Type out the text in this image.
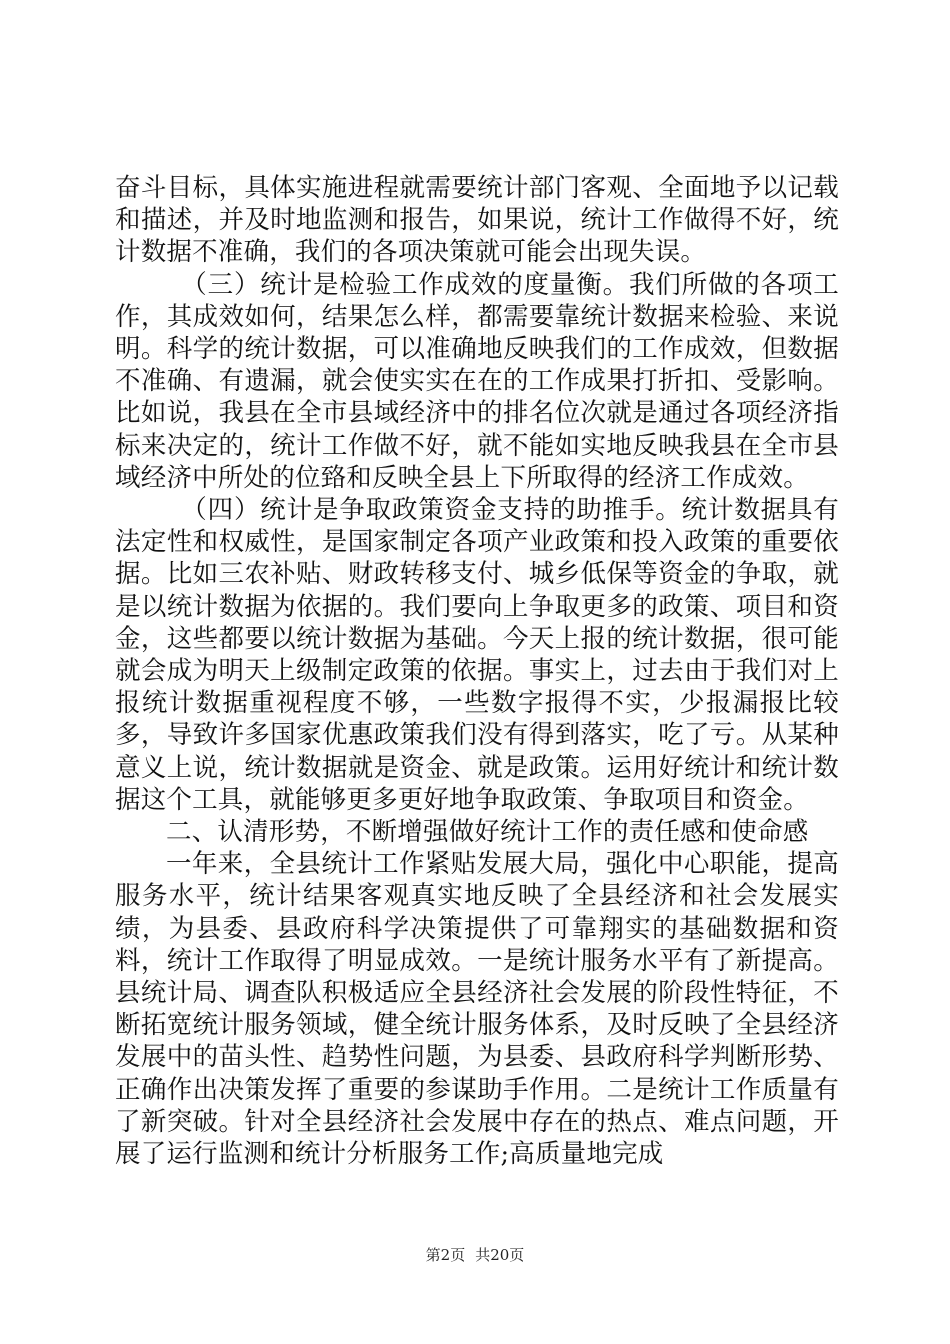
奋斗目标，具体实施进程就需要统计部门客观、全面地予以记载和描述，并及时地监测和报告，如果说，统计工作做得不好，统计数据不准确，我们的各项决策就可能会出现失误。

（三）统计是检验工作成效的度量衡。我们所做的各项工作，其成效如何，结果怎么样，都需要靠统计数据来检验、来说明。科学的统计数据，可以准确地反映我们的工作成效，但数据不准确、有遗漏，就会使实实在在的工作成果打折扣、受影响。比如说，我县在全市县域经济中的排名位次就是通过各项经济指标来决定的，统计工作做不好，就不能如实地反映我县在全市县域经济中所处的位臵和反映全县上下所取得的经济工作成效。

（四）统计是争取政策资金支持的助推手。统计数据具有法定性和权威性，是国家制定各项产业政策和投入政策的重要依据。比如三农补贴、财政转移支付、城乡低保等资金的争取，就是以统计数据为依据的。我们要向上争取更多的政策、项目和资金，这些都要以统计数据为基础。今天上报的统计数据，很可能就会成为明天上级制定政策的依据。事实上，过去由于我们对上报统计数据重视程度不够，一些数字报得不实，少报漏报比较多，导致许多国家优惠政策我们没有得到落实，吃了亏。从某种意义上说，统计数据就是资金、就是政策。运用好统计和统计数据这个工具，就能够更多更好地争取政策、争取项目和资金。

二、认清形势，不断增强做好统计工作的责任感和使命感

一年来，全县统计工作紧贴发展大局，强化中心职能，提高服务水平，统计结果客观真实地反映了全县经济和社会发展实绩，为县委、县政府科学决策提供了可靠翔实的基础数据和资料，统计工作取得了明显成效。一是统计服务水平有了新提高。县统计局、调查队积极适应全县经济社会发展的阶段性特征，不断拓宽统计服务领域，健全统计服务体系，及时反映了全县经济发展中的苗头性、趋势性问题，为县委、县政府科学判断形势、正确作出决策发挥了重要的参谋助手作用。二是统计工作质量有了新突破。针对全县经济社会发展中存在的热点、难点问题，开展了运行监测和统计分析服务工作;高质量地完成

第2页 共20页
